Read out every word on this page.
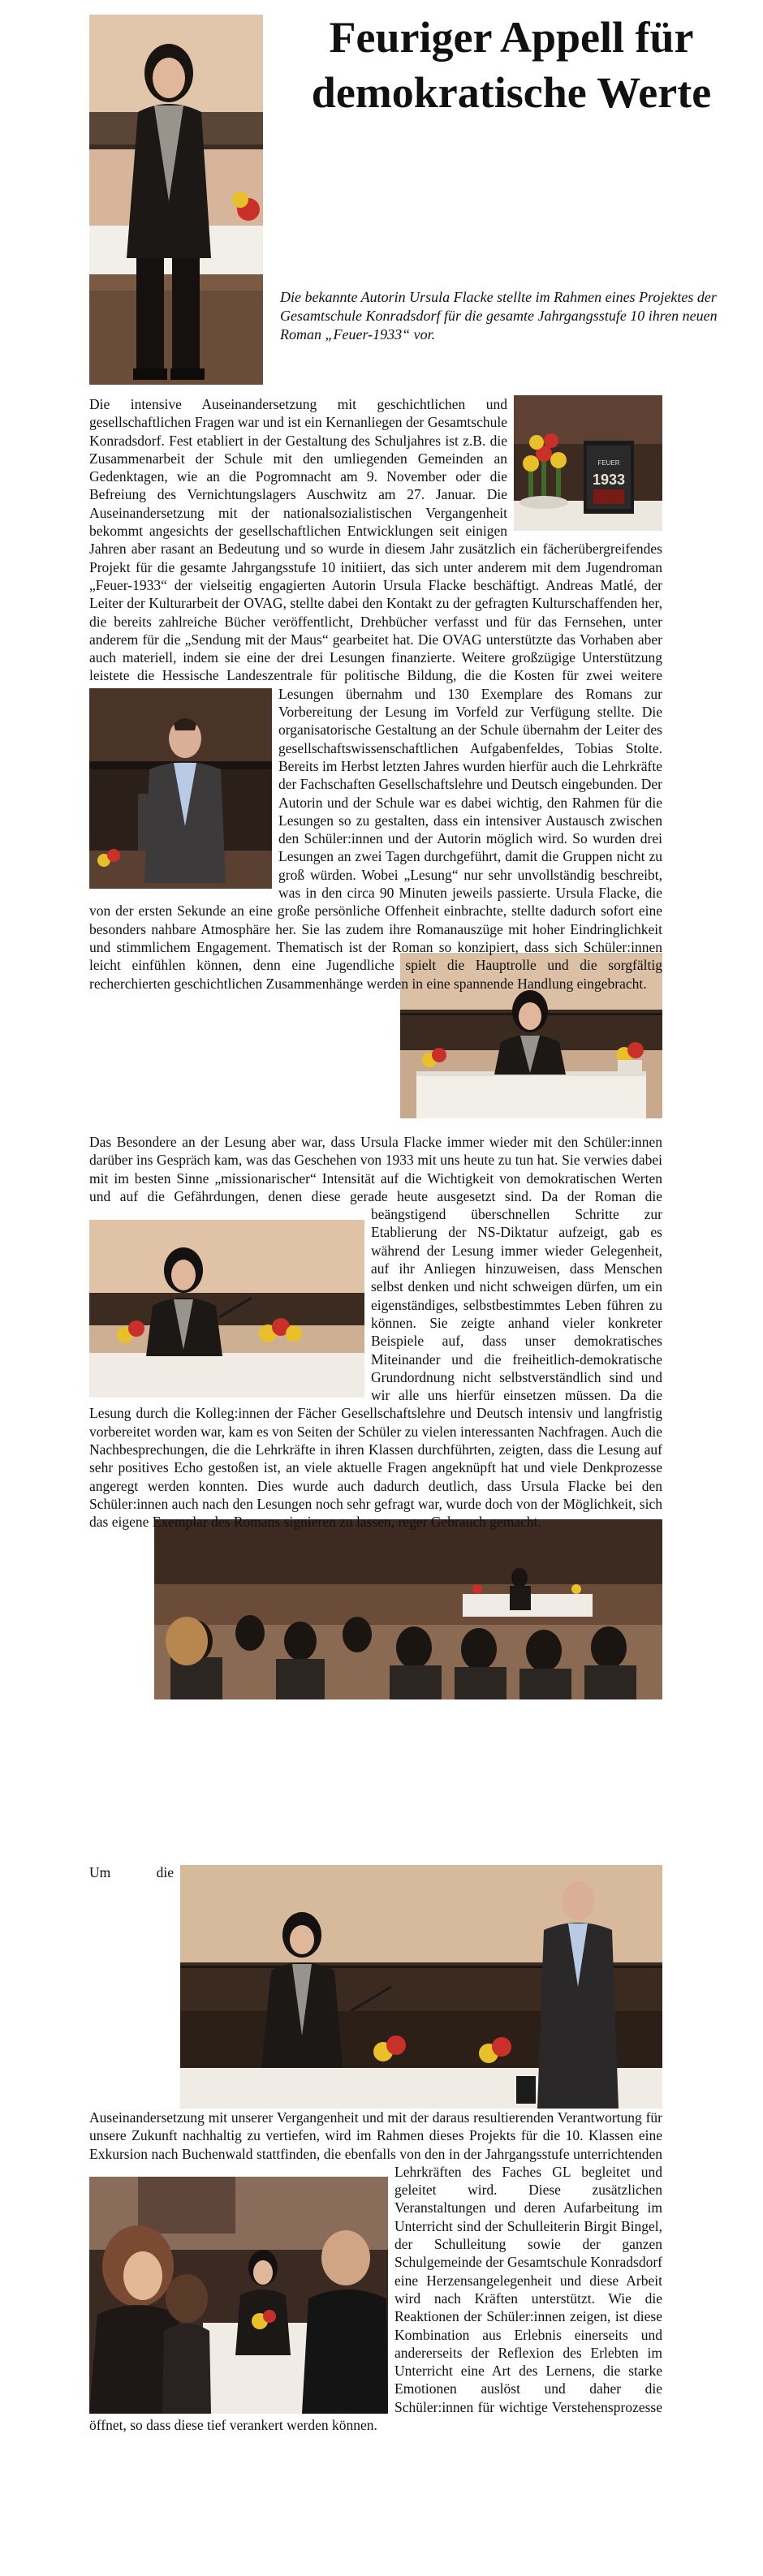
Feuriger Appell für demokratische Werte
Die bekannte Autorin Ursula Flacke stellte im Rahmen eines Projektes der Gesamtschule Konradsdorf für die gesamte Jahrgangsstufe 10 ihren neuen Roman „Feuer-1933“ vor.
FEUER
1933

Die intensive Auseinandersetzung mit geschichtlichen und gesellschaftlichen Fragen war und ist ein Kernanliegen der Gesamtschule Konradsdorf. Fest etabliert in der Gestaltung des Schuljahres ist z.B. die Zusammenarbeit der Schule mit den umliegenden Gemeinden an Gedenktagen, wie an die Pogromnacht am 9. November oder die Befreiung des Vernichtungslagers Auschwitz am 27. Januar. Die Auseinandersetzung mit der nationalsozialistischen Vergangenheit bekommt angesichts der gesellschaftlichen Entwicklungen seit einigen Jahren aber rasant an Bedeutung und so wurde in diesem Jahr zusätzlich ein fächerübergreifendes Projekt für die gesamte Jahrgangsstufe 10 initiiert, das sich unter anderem mit dem Jugendroman „Feuer-1933“ der vielseitig engagierten Autorin Ursula Flacke beschäftigt. Andreas Matlé, der Leiter der Kulturarbeit der OVAG, stellte dabei den Kontakt zu der gefragten Kulturschaffenden her, die bereits zahlreiche Bücher veröffentlicht, Drehbücher verfasst und für das Fernsehen, unter anderem für die „Sendung mit der Maus“ gearbeitet hat. Die OVAG unterstützte das Vorhaben aber auch materiell, indem sie eine der drei Lesungen finanzierte. Weitere großzügige Unterstützung leistete die Hessische Landeszentrale für politische Bildung, die die Kosten für zwei weitere Lesungen übernahm und 130 Exemplare des Romans zur Vorbereitung der Lesung im Vorfeld zur Verfügung stellte. Die organisatorische Gestaltung an der Schule übernahm der Leiter des gesellschaftswissenschaftlichen Aufgabenfeldes, Tobias Stolte. Bereits im Herbst letzten Jahres wurden hierfür auch die Lehrkräfte der Fachschaften Gesellschaftslehre und Deutsch eingebunden. Der Autorin und der Schule war es dabei wichtig, den Rahmen für die Lesungen so zu gestalten, dass ein intensiver Austausch zwischen den Schüler:innen und der Autorin möglich wird. So wurden drei Lesungen an zwei Tagen durchgeführt, damit die Gruppen nicht zu groß würden. Wobei „Lesung“ nur sehr unvollständig beschreibt, was in den circa 90 Minuten jeweils passierte. Ursula Flacke, die von der ersten Sekunde an eine große persönliche Offenheit einbrachte, stellte dadurch sofort eine besonders nahbare Atmosphäre her. Sie las zudem ihre Romanauszüge mit hoher Eindringlichkeit und stimmlichem Engagement. Thematisch ist der Roman so konzipiert, dass sich Schüler:innen leicht einfühlen können, denn eine Jugendliche spielt die Hauptrolle und die sorgfältig recherchierten geschichtlichen Zusammenhänge werden in eine spannende Handlung eingebracht.

Das Besondere an der Lesung aber war, dass Ursula Flacke immer wieder mit den Schüler:innen darüber ins Gespräch kam, was das Geschehen von 1933 mit uns heute zu tun hat. Sie verwies dabei mit im besten Sinne „missionarischer“ Intensität auf die Wichtigkeit von demokratischen Werten und auf die Gefährdungen, denen diese gerade heute ausgesetzt sind. Da der Roman die beängstigend überschnellen Schritte zur Etablierung der NS-Diktatur aufzeigt, gab es während der Lesung immer wieder Gelegenheit, auf ihr Anliegen hinzuweisen, dass Menschen selbst denken und nicht schweigen dürfen, um ein eigenständiges, selbstbestimmtes Leben führen zu können. Sie zeigte anhand vieler konkreter Beispiele auf, dass unser demokratisches Miteinander und die freiheitlich-demokratische Grundordnung nicht selbstverständlich sind und wir alle uns hierfür einsetzen müssen. Da die Lesung durch die Kolleg:innen der Fächer Gesellschaftslehre und Deutsch intensiv und langfristig vorbereitet worden war, kam es von Seiten der Schüler zu vielen interessanten Nachfragen. Auch die Nachbesprechungen, die die Lehrkräfte in ihren Klassen durchführten, zeigten, dass die Lesung auf sehr positives Echo gestoßen ist, an viele aktuelle Fragen angeknüpft hat und viele Denkprozesse angeregt werden konnten. Dies wurde auch dadurch deutlich, dass Ursula Flacke bei den Schüler:innen auch nach den Lesungen noch sehr gefragt war, wurde doch von der Möglichkeit, sich das eigene Exemplar des Romans signieren zu lassen, reger Gebrauch gemacht.

Um die Auseinandersetzung mit unserer Vergangenheit und mit der daraus resultierenden Verantwortung für unsere Zukunft nachhaltig zu vertiefen, wird im Rahmen dieses Projekts für die 10. Klassen eine Exkursion nach Buchenwald stattfinden, die ebenfalls von den in der Jahrgangsstufe unterrichtenden Lehrkräften des Faches GL begleitet und geleitet wird. Diese zusätzlichen Veranstaltungen und deren Aufarbeitung im Unterricht sind der Schulleiterin Birgit Bingel, der Schulleitung sowie der ganzen Schulgemeinde der Gesamtschule Konradsdorf eine Herzensangelegenheit und diese Arbeit wird nach Kräften unterstützt. Wie die Reaktionen der Schüler:innen zeigen, ist diese Kombination aus Erlebnis einerseits und andererseits der Reflexion des Erlebten im Unterricht eine Art des Lernens, die starke Emotionen auslöst und daher die Schüler:innen für wichtige Verstehensprozesse öffnet, so dass diese tief verankert werden können.
